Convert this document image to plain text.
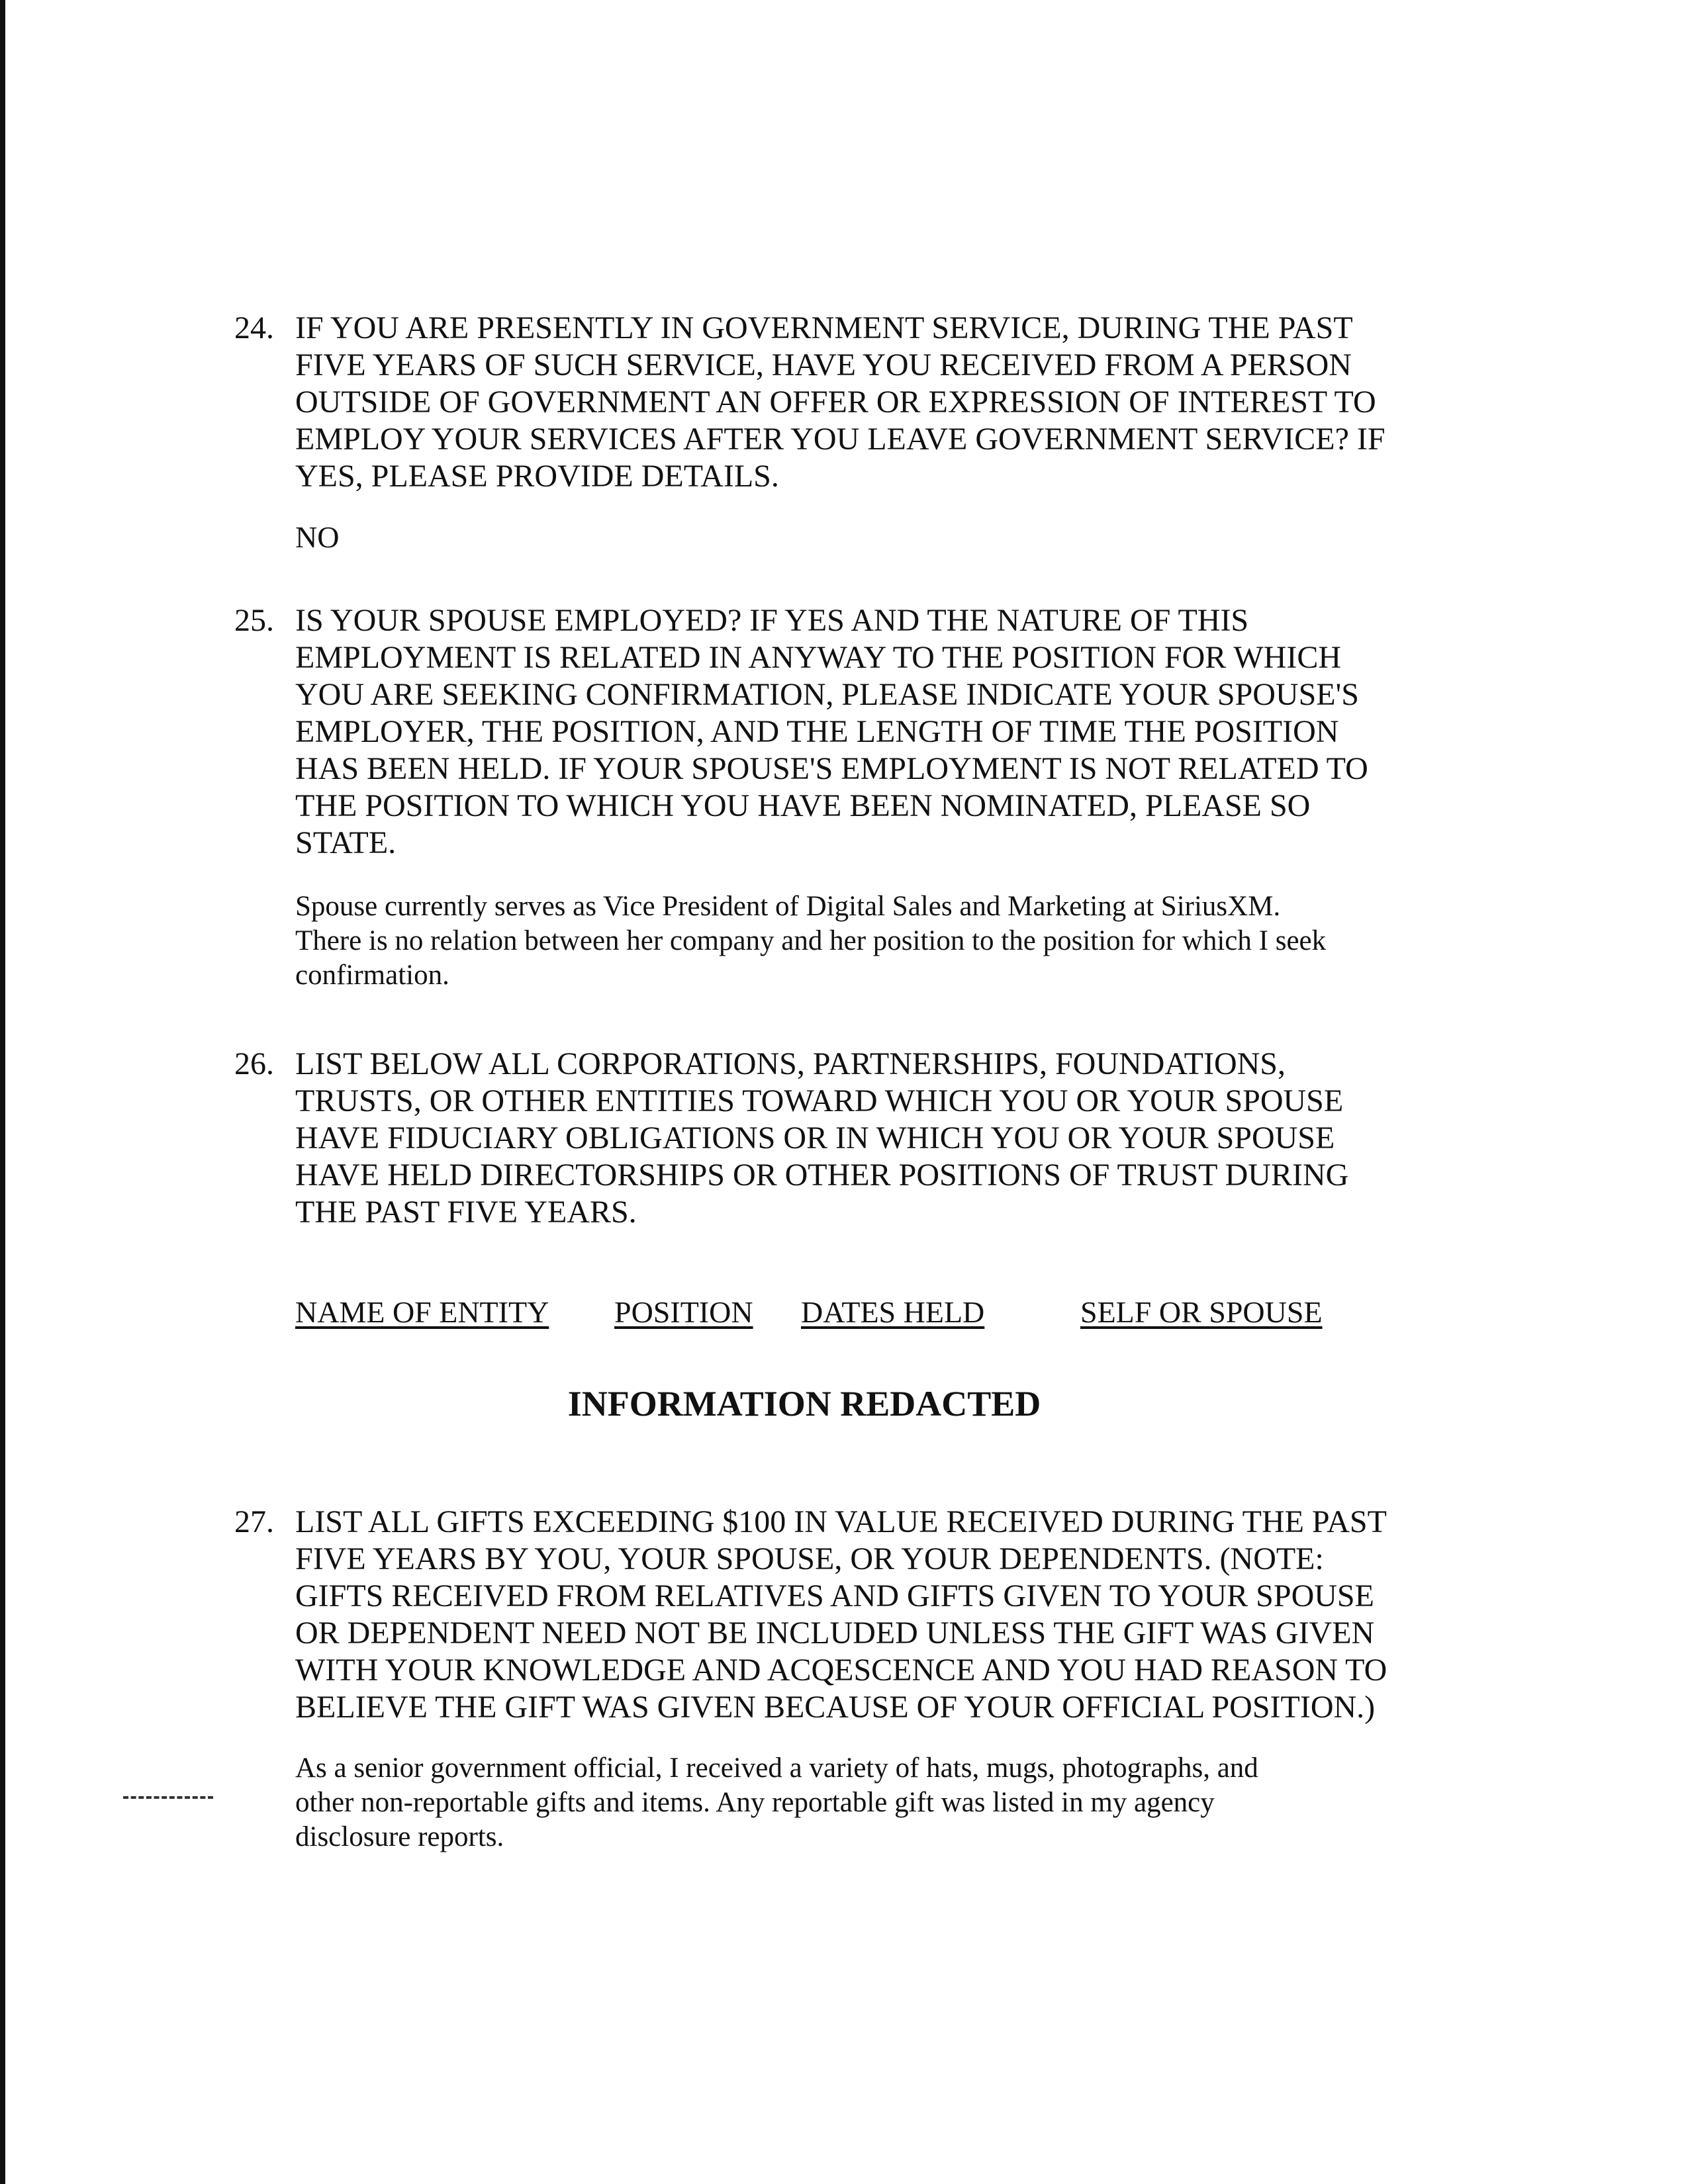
24. IF YOU ARE PRESENTLY IN GOVERNMENT SERVICE, DURING THE PAST
FIVE YEARS OF SUCH SERVICE, HAVE YOU RECEIVED FROM A PERSON
OUTSIDE OF GOVERNMENT AN OFFER OR EXPRESSION OF INTEREST TO
EMPLOY YOUR SERVICES AFTER YOU LEAVE GOVERNMENT SERVICE? IF
YES, PLEASE PROVIDE DETAILS.
NO
25. IS YOUR SPOUSE EMPLOYED? IF YES AND THE NATURE OF THIS
EMPLOYMENT IS RELATED IN ANYWAY TO THE POSITION FOR WHICH
YOU ARE SEEKING CONFIRMATION, PLEASE INDICATE YOUR SPOUSE'S
EMPLOYER, THE POSITION, AND THE LENGTH OF TIME THE POSITION
HAS BEEN HELD. IF YOUR SPOUSE'S EMPLOYMENT IS NOT RELATED TO
THE POSITION TO WHICH YOU HAVE BEEN NOMINATED, PLEASE SO
STATE.
Spouse currently serves as Vice President of Digital Sales and Marketing at SiriusXM.
There is no relation between her company and her position to the position for which I seek
confirmation.
26. LIST BELOW ALL CORPORATIONS, PARTNERSHIPS, FOUNDATIONS,
TRUSTS, OR OTHER ENTITIES TOWARD WHICH YOU OR YOUR SPOUSE
HAVE FIDUCIARY OBLIGATIONS OR IN WHICH YOU OR YOUR SPOUSE
HAVE HELD DIRECTORSHIPS OR OTHER POSITIONS OF TRUST DURING
THE PAST FIVE YEARS.
NAME OF ENTITY POSITION DATES HELD	SELF OR SPOUSE
INFORMATION REDACTED
27. LIST ALL GIFTS EXCEEDING $100 IN VALUE RECEIVED DURING THE PAST
FIVE YEARS BY YOU, YOUR SPOUSE, OR YOUR DEPENDENTS. (NOTE:
GIFTS RECEIVED FROM RELATIVES AND GIFTS GIVEN TO YOUR SPOUSE
OR DEPENDENT NEED NOT BE INCLUDED UNLESS THE GIFT WAS GIVEN
WITH YOUR KNOWLEDGE AND ACQESCENCE AND YOU HAD REASON TO
BELIEVE THE GIFT WAS GIVEN BECAUSE OF YOUR OFFICIAL POSITION.)
As a senior government official, I received a variety of hats, mugs, photographs, and
other non-reportable gifts and items. Any reportable gift was listed in my agency
disclosure reports.
